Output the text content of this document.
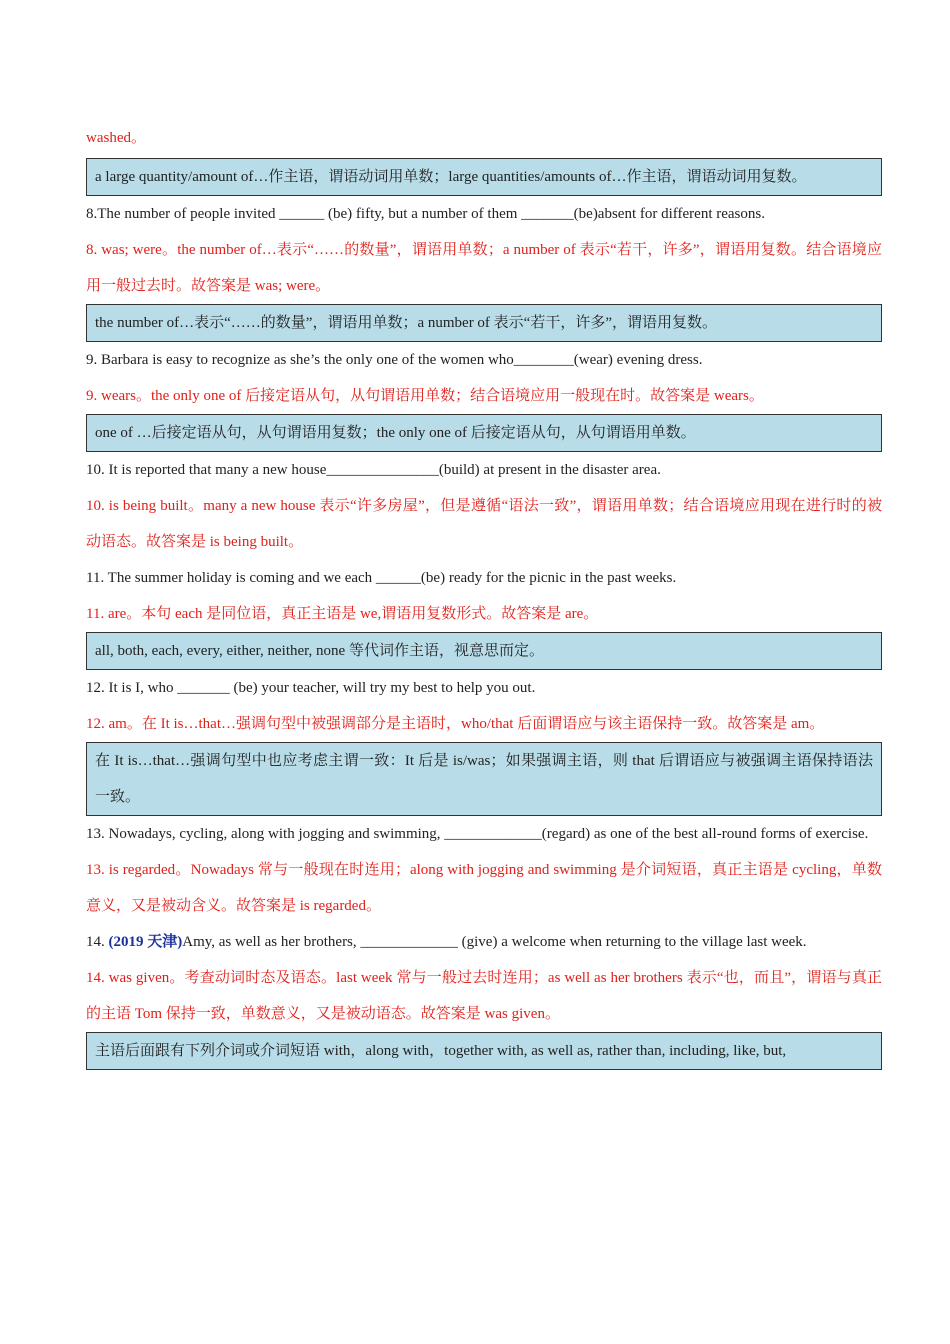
washed。

a large quantity/amount of…作主语，谓语动词用单数；large quantities/amounts of…作主语，谓语动词用复数。

8.The number of people invited ______ (be) fifty, but a number of them _______(be)absent for different reasons.

8. was; were。the number of…表示“……的数量”，谓语用单数；a number of 表示“若干，许多”，谓语用复数。结合语境应用一般过去时。故答案是 was; were。

the number of…表示“……的数量”，谓语用单数；a number of 表示“若干，许多”，谓语用复数。

9. Barbara is easy to recognize as she’s the only one of the women who________(wear) evening dress.

9. wears。the only one of 后接定语从句，从句谓语用单数；结合语境应用一般现在时。故答案是 wears。

one of …后接定语从句，从句谓语用复数；the only one of 后接定语从句，从句谓语用单数。

10. It is reported that many a new house_______________(build) at present in the disaster area.

10. is being built。many a new house 表示“许多房屋”，但是遵循“语法一致”，谓语用单数；结合语境应用现在进行时的被动语态。故答案是 is being built。

11. The summer holiday is coming and we each ______(be) ready for the picnic in the past weeks.

11. are。本句 each 是同位语，真正主语是 we,谓语用复数形式。故答案是 are。

all, both, each, every, either, neither, none 等代词作主语，视意思而定。

12. It is I, who _______ (be) your teacher, will try my best to help you out.

12. am。在 It is…that…强调句型中被强调部分是主语时，who/that 后面谓语应与该主语保持一致。故答案是 am。

在 It is…that…强调句型中也应考虑主谓一致：It 后是 is/was；如果强调主语，则 that 后谓语应与被强调主语保持语法一致。

13. Nowadays, cycling, along with jogging and swimming, _____________(regard) as one of the best all-round forms of exercise.

13. is regarded。Nowadays 常与一般现在时连用；along with jogging and swimming 是介词短语，真正主语是 cycling，单数意义，又是被动含义。故答案是 is regarded。

14. (2019 天津)Amy, as well as her brothers, _____________ (give) a welcome when returning to the village last week.

14. was given。考查动词时态及语态。last week 常与一般过去时连用；as well as her brothers 表示“也，而且”，谓语与真正的主语 Tom 保持一致，单数意义，又是被动语态。故答案是 was given。

主语后面跟有下列介词或介词短语 with，along with，together with, as well as, rather than, including, like, but,
